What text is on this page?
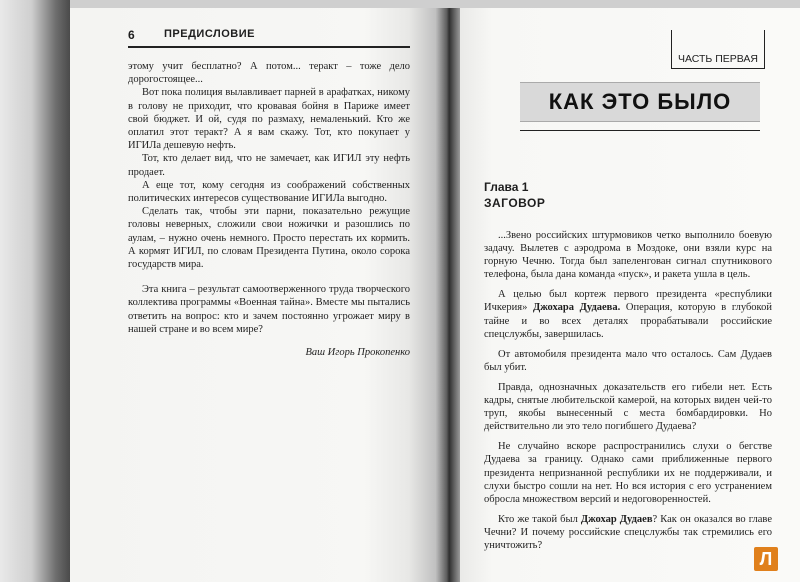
6	ПРЕДИСЛОВИЕ

этому учит бесплатно? А потом... теракт – тоже дело дорогостоящее...

Вот пока полиция вылавливает парней в арафатках, никому в голову не приходит, что кровавая бойня в Париже имеет свой бюджет. И ой, судя по размаху, немаленький. Кто же оплатил этот теракт? А я вам скажу. Тот, кто покупает у ИГИЛа дешевую нефть.

Тот, кто делает вид, что не замечает, как ИГИЛ эту нефть продает.

А еще тот, кому сегодня из соображений собственных политических интересов существование ИГИЛа выгодно.

Сделать так, чтобы эти парни, показательно режущие головы неверных, сложили свои ножички и разошлись по аулам, – нужно очень немного. Просто перестать их кормить. А кормят ИГИЛ, по словам Президента Путина, около сорока государств мира.

Эта книга – результат самоотверженного труда творческого коллектива программы «Военная тайна». Вместе мы пытались ответить на вопрос: кто и зачем постоянно угрожает миру в нашей стране и во всем мире?

Ваш Игорь Прокопенко
ЧАСТЬ ПЕРВАЯ
КАК ЭТО БЫЛО
Глава 1
ЗАГОВОР

...Звено российских штурмовиков четко выполнило боевую задачу. Вылетев с аэродрома в Моздоке, они взяли курс на горную Чечню. Тогда был запеленгован сигнал спутникового телефона, была дана команда «пуск», и ракета ушла в цель.

А целью был кортеж первого президента «республики Ичкерия» Джохара Дудаева. Операция, которую в глубокой тайне и во всех деталях прорабатывали российские спецслужбы, завершилась.

От автомобиля президента мало что осталось. Сам Дудаев был убит.

Правда, однозначных доказательств его гибели нет. Есть кадры, снятые любительской камерой, на которых виден чей-то труп, якобы вынесенный с места бомбардировки. Но действительно ли это тело погибшего Дудаева?

Не случайно вскоре распространились слухи о бегстве Дудаева за границу. Однако сами приближенные первого президента непризнанной республики их не поддерживали, и слухи быстро сошли на нет. Но вся история с его устранением обросла множеством версий и недоговоренностей.

Кто же такой был Джохар Дудаев? Как он оказался во главе Чечни? И почему российские спецслужбы так стремились его уничтожить?

Л
